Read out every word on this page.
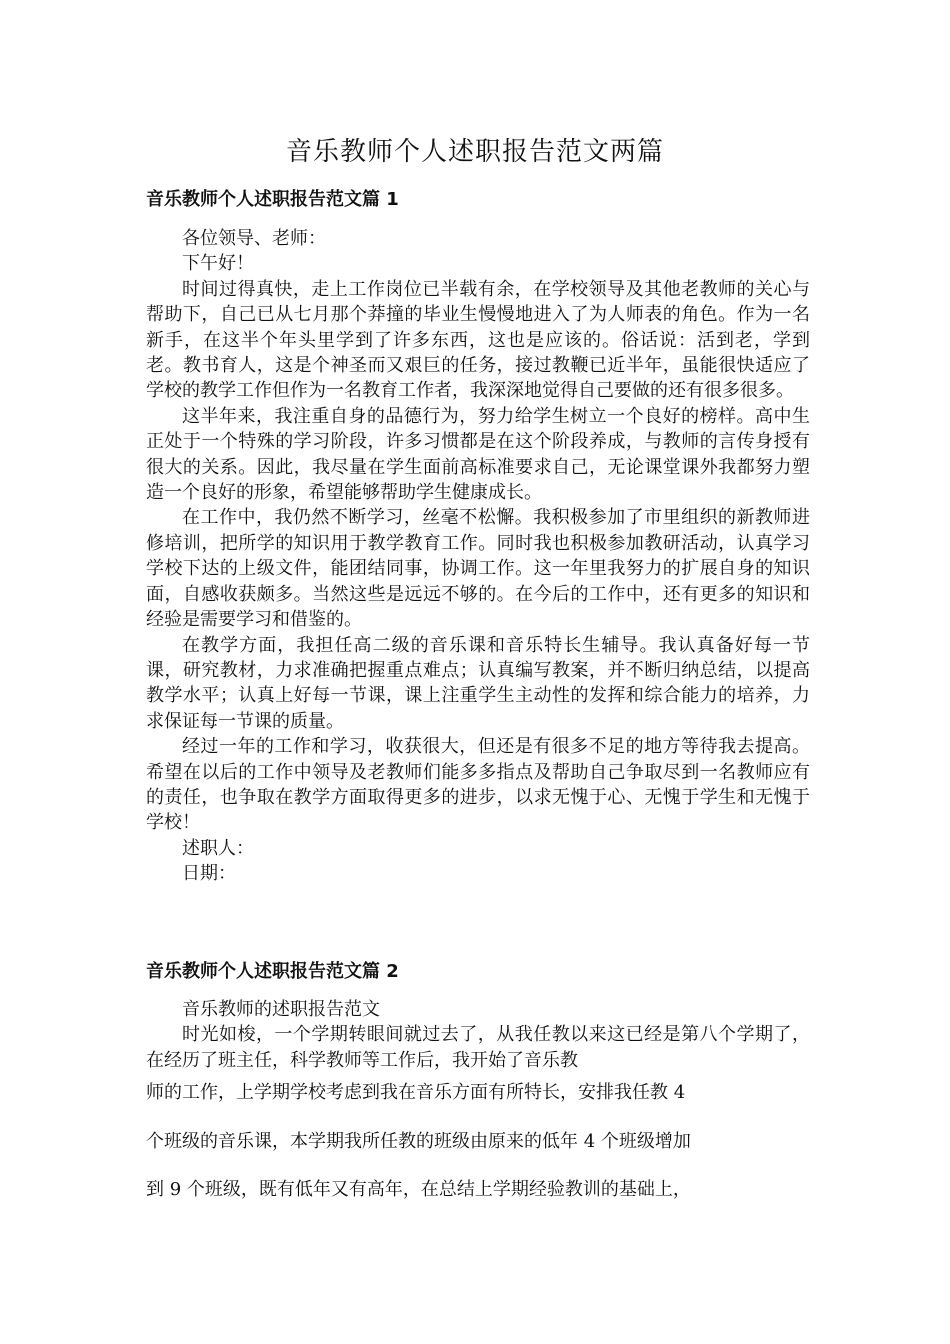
音乐教师个人述职报告范文两篇
音乐教师个人述职报告范文篇 1

各位领导、老师：

下午好！

时间过得真快，走上工作岗位已半载有余，在学校领导及其他老教师的关心与帮助下，自己已从七月那个莽撞的毕业生慢慢地进入了为人师表的角色。作为一名新手，在这半个年头里学到了许多东西，这也是应该的。俗话说：活到老，学到老。教书育人，这是个神圣而又艰巨的任务，接过教鞭已近半年，虽能很快适应了学校的教学工作但作为一名教育工作者，我深深地觉得自己要做的还有很多很多。

这半年来，我注重自身的品德行为，努力给学生树立一个良好的榜样。高中生正处于一个特殊的学习阶段，许多习惯都是在这个阶段养成，与教师的言传身授有很大的关系。因此，我尽量在学生面前高标准要求自己，无论课堂课外我都努力塑造一个良好的形象，希望能够帮助学生健康成长。

在工作中，我仍然不断学习，丝毫不松懈。我积极参加了市里组织的新教师进修培训，把所学的知识用于教学教育工作。同时我也积极参加教研活动，认真学习学校下达的上级文件，能团结同事，协调工作。这一年里我努力的扩展自身的知识面，自感收获颇多。当然这些是远远不够的。在今后的工作中，还有更多的知识和经验是需要学习和借鉴的。

在教学方面，我担任高二级的音乐课和音乐特长生辅导。我认真备好每一节课，研究教材，力求准确把握重点难点；认真编写教案，并不断归纳总结，以提高教学水平；认真上好每一节课，课上注重学生主动性的发挥和综合能力的培养，力求保证每一节课的质量。

经过一年的工作和学习，收获很大，但还是有很多不足的地方等待我去提高。希望在以后的工作中领导及老教师们能多多指点及帮助自己争取尽到一名教师应有的责任，也争取在教学方面取得更多的进步，以求无愧于心、无愧于学生和无愧于学校！

述职人：

日期：

音乐教师个人述职报告范文篇 2

音乐教师的述职报告范文

时光如梭，一个学期转眼间就过去了，从我任教以来这已经是第八个学期了，在经历了班主任，科学教师等工作后，我开始了音乐教

师的工作，上学期学校考虑到我在音乐方面有所特长，安排我任教 4

个班级的音乐课，本学期我所任教的班级由原来的低年 4 个班级增加

到 9 个班级，既有低年又有高年，在总结上学期经验教训的基础上，
